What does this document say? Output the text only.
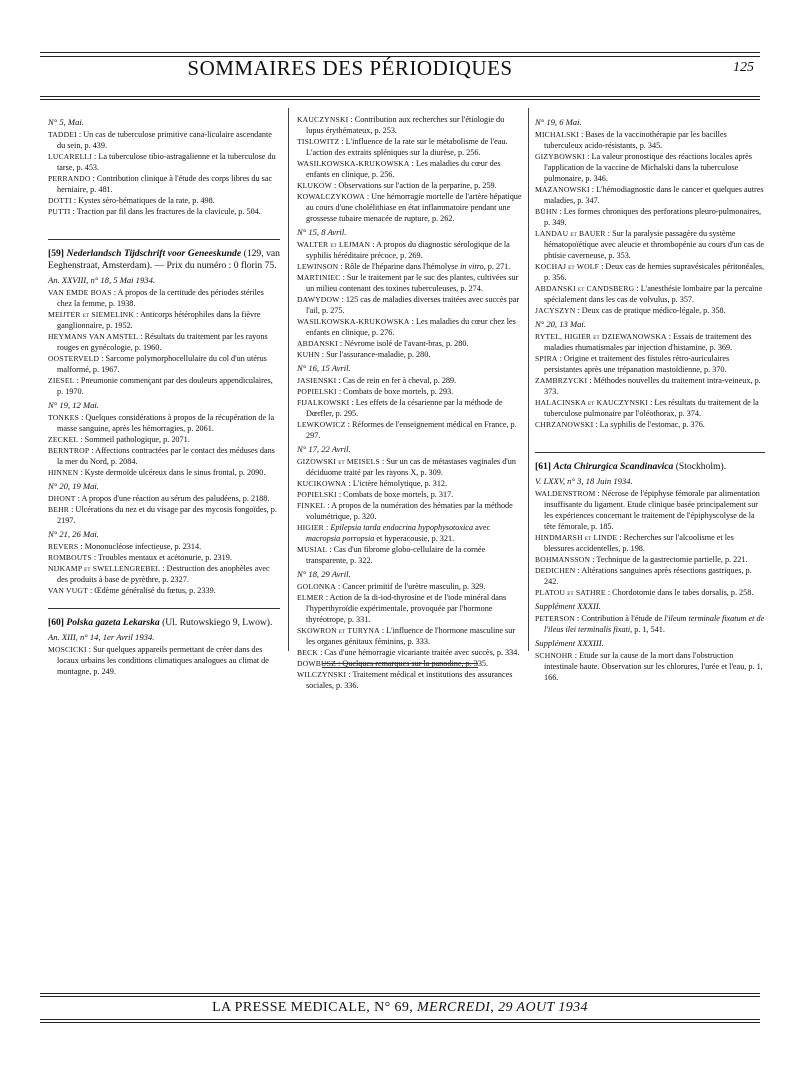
SOMMAIRES DES PÉRIODIQUES	125
N° 5, Mai.

TADDEI : Un cas de tuberculose primitive cana-liculaire ascendante du sein, p. 439.

LUCARELLI : La tuberculose tibio-astragalienne et la tuberculose du tarse, p. 453.

PERRANDO : Contribution clinique à l'étude des corps libres du sac herniaire, p. 481.

DOTTI : Kystes séro-hématiques de la rate, p. 498.

PUTTI : Traction par fil dans les fractures de la clavicule, p. 504.

[59] Nederlandsch Tijdschrift voor Geneeskunde (129, van Eeghenstraat, Amsterdam). — Prix du numéro : 0 florin 75.
An. XXVIII, n° 18, 5 Mai 1934.

VAN EMDE BOAS : A propos de la certitude des périodes stériles chez la femme, p. 1938.

MEIJTER et SIEMELINK : Anticorps hétérophiles dans la fièvre ganglionnaire, p. 1952.

HEYMANS VAN AMSTEL : Résultats du traitement par les rayons rouges en gynécologie, p. 1960.

OOSTERVELD : Sarcome polymorphocellulaire du col d'un utérus malformé, p. 1967.

ZIESEL : Pneumonie commençant par des douleurs appendiculaires, p. 1970.

N° 19, 12 Mai.

TONKES : Quelques considérations à propos de la récupération de la masse sanguine, après les hémorragies, p. 2061.

ZECKEL : Sommeil pathologique, p. 2071.

BERNTROP : Affections contractées par le contact des méduses dans la mer du Nord, p. 2084.

HINNEN : Kyste dermoïde ulcéreux dans le sinus frontal, p. 2090.

N° 20, 19 Mai.

DHONT : A propos d'une réaction au sérum des paludéens, p. 2188.

BEHR : Ulcérations du nez et du visage par des mycosis fongoïdes, p. 2197.

N° 21, 26 Mai.

REVERS : Mononucléose infectieuse, p. 2314.

ROMBOUTS : Troubles mentaux et acétonurie, p. 2319.

NIJKAMP et SWELLENGREBEL : Destruction des anophèles avec des produits à base de pyrèthre, p. 2327.

VAN VUGT : Œdème généralisé du fœtus, p. 2339.

[60] Polska gazeta Lekarska (Ul. Rutowskiego 9, Lwow).
An. XIII, n° 14, 1er Avril 1934.

MOSCICKI : Sur quelques appareils permettant de créer dans des locaux urbains les conditions climatiques analogues au climat de montagne, p. 249.

KAUCZYNSKI : Contribution aux recherches sur l'étiologie du lupus érythémateux, p. 253.

TISLOWITZ : L'influence de la rate sur le métabolisme de l'eau. L'action des extraits spléniques sur la diurèse, p. 256.

WASILKOWSKA-KRUKOWSKA : Les maladies du cœur des enfants en clinique, p. 256.

KLUKOW : Observations sur l'action de la perparine, p. 259.

KOWALCZYKOWA : Une hémorragie mortelle de l'artère hépatique au cours d'une cholélithiase en état inflammatoire pendant une grossesse tubaire menacée de rupture, p. 262.

N° 15, 8 Avril.

WALTER et LEJMAN : A propos du diagnostic sérologique de la syphilis héréditaire précoce, p. 269.

LEWINSON : Rôle de l'héparine dans l'hémolyse in vitro, p. 271.

MARTINIEC : Sur le traitement par le suc des plantes, cultivées sur un milieu contenant des toxines tuberculeuses, p. 274.

DAWYDOW : 125 cas de maladies diverses traitées avec succès par l'ail, p. 275.

WASILKOWSKA-KRUKOWSKA : Les maladies du cœur chez les enfants en clinique, p. 276.

ABDANSKI : Névrome isolé de l'avant-bras, p. 280.

KUHN : Sur l'assurance-maladie, p. 280.

N° 16, 15 Avril.

JASIENSKI : Cas de rein en fer à cheval, p. 289.

POPIELSKI : Combats de boxe mortels, p. 293.

FIJALKOWSKI : Les effets de la césarienne par la méthode de Dœrfler, p. 295.

LEWKOWICZ : Réformes de l'enseignement médical en France, p. 297.

N° 17, 22 Avril.

GIZOWSKI et MEISELS : Sur un cas de métastases vaginales d'un déciduome traité par les rayons X, p. 309.

KUCIKOWNA : L'ictère hémolytique, p. 312.

POPIELSKI : Combats de boxe mortels, p. 317.

FINKEL : A propos de la numération des hématies par la méthode volumétrique, p. 320.

HIGIER : Epilepsia tarda endocrina hypophysotoxica avec macropsia porropsia et hyperacousie, p. 321.

MUSIAL : Cas d'un fibrome globo-cellulaire de la cornée transparente, p. 322.

N° 18, 29 Avril.

GOLONKA : Cancer primitif de l'urètre masculin, p. 329.

ELMER : Action de la di-iod-thyrosine et de l'iode minéral dans l'hyperthyroïdie expérimentale, provoquée par l'hormone thyréotrope, p. 331.

SKOWRON et TURYNA : L'influence de l'hormone masculine sur les organes génitaux féminins, p. 333.

BECK : Cas d'une hémorragie vicariante traitée avec succès, p. 334.

DOWBUSZ : Quelques remarques sur la panodine, p. 335.

WILCZYNSKI : Traitement médical et institutions des assurances sociales, p. 336.

N° 19, 6 Mai.

MICHALSKI : Bases de la vaccinothérapie par les bacilles tuberculeux acido-résistants, p. 345.

GIZYBOWSKI : La valeur pronostique des réactions locales après l'application de la vaccine de Michalski dans la tuberculose pulmonaire, p. 346.

MAZANOWSKI : L'hémodiagnostic dans le cancer et quelques autres maladies, p. 347.

BÜHN : Les formes chroniques des perforations pleuro-pulmonaires, p. 349.

LANDAU et BAUER : Sur la paralysie passagère du système hématopoïétique avec aleucie et thrombopénie au cours d'un cas de phtisie caverneuse, p. 353.

KOCHAJ et WOLF : Deux cas de hernies supravésicales péritonéales, p. 356.

ABDANSKI et CANDSBERG : L'anesthésie lombaire par la percaïne spécialement dans les cas de volvulus, p. 357.

JACYSZYN : Deux cas de pratique médico-légale, p. 358.

N° 20, 13 Mai.

RYTEL, HIGIER et DZIEWANOWSKA : Essais de traitement des maladies rhumatismales par injection d'histamine, p. 369.

SPIRA : Origine et traitement des fistules rétro-auriculaires persistantes après une trépanation mastoïdienne, p. 370.

ZAMBRZYCKI : Méthodes nouvelles du traitement intra-veineux, p. 373.

HALACINSKA et KAUCZYNSKI : Les résultats du traitement de la tuberculose pulmonaire par l'oléothorax, p. 374.

CHRZANOWSKI : La syphilis de l'estomac, p. 376.

[61] Acta Chirurgica Scandinavica (Stockholm).
V. LXXV, n° 3, 18 Juin 1934.

WALDENSTROM : Nécrose de l'épiphyse fémorale par alimentation insuffisante du ligament. Etude clinique basée principalement sur les expériences concernant le traitement de l'épiphyscolyse de la tête fémorale, p. 185.

HINDMARSH et LINDE : Recherches sur l'alcoolisme et les blessures accidentelles, p. 198.

BOHMANSSON : Technique de la gastrectomie partielle, p. 221.

DEDICHEN : Altérations sanguines après résections gastriques, p. 242.

PLATOU et SATHRE : Chordotomie dans le tabes dorsalis, p. 258.

Supplément XXXII.

PETERSON : Contribution à l'étude de l'ileum terminale fixatum et de l'ileus ilei terminalis fixati, p. 1, 541.

Supplément XXXIII.

SCHNOHR : Etude sur la cause de la mort dans l'obstruction intestinale haute. Observation sur les chlorures, l'urée et l'eau, p. 1, 166.

LA PRESSE MEDICALE, N° 69, MERCREDI, 29 AOUT 1934
